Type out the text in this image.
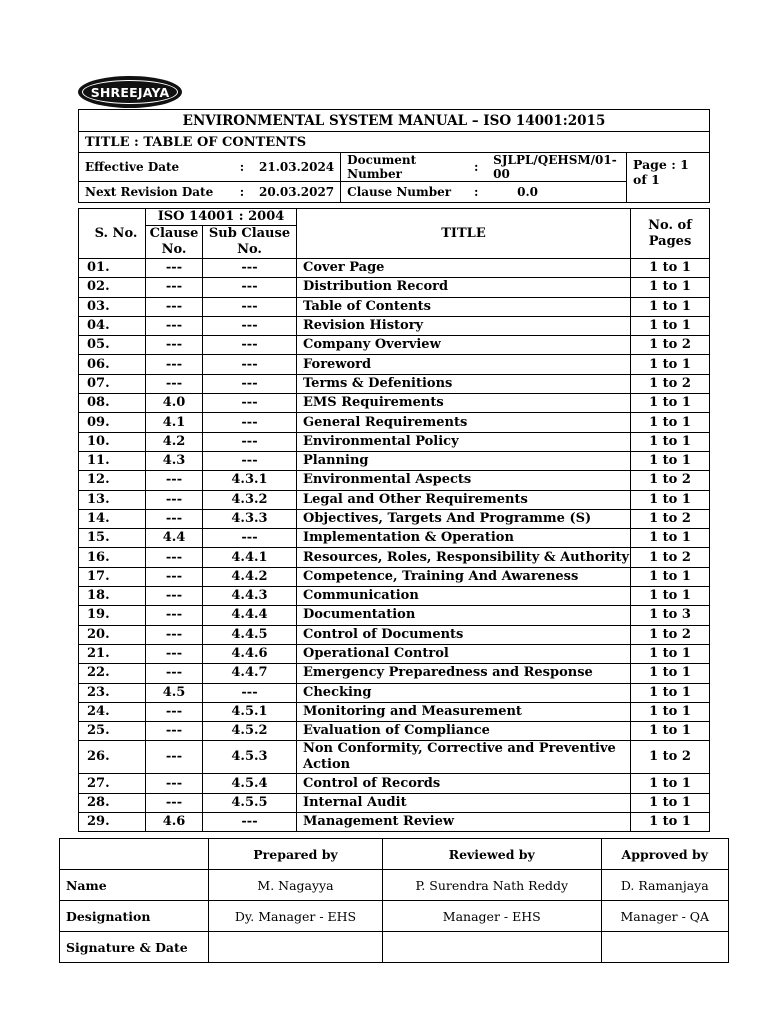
SHREEJAYA
ENVIRONMENTAL SYSTEM MANUAL – ISO 14001:2015						
TITLE : TABLE OF CONTENTS						
Effective Date	:	21.03.2024	Document Number	:	SJLPL/QEHSM/01-00	Page : 1 of 1
Next Revision Date	:	20.03.2027	Clause Number	:	0.0	
S. No.	ISO 14001 : 2004		TITLE	No. of Pages
	Clause No.	Sub Clause No.		
01.	---	---	Cover Page	1 to 1
02.	---	---	Distribution Record	1 to 1
03.	---	---	Table of Contents	1 to 1
04.	---	---	Revision History	1 to 1
05.	---	---	Company Overview	1 to 2
06.	---	---	Foreword	1 to 1
07.	---	---	Terms & Defenitions	1 to 2
08.	4.0	---	EMS Requirements	1 to 1
09.	4.1	---	General Requirements	1 to 1
10.	4.2	---	Environmental Policy	1 to 1
11.	4.3	---	Planning	1 to 1
12.	---	4.3.1	Environmental Aspects	1 to 2
13.	---	4.3.2	Legal and Other Requirements	1 to 1
14.	---	4.3.3	Objectives, Targets And Programme (S)	1 to 2
15.	4.4	---	Implementation & Operation	1 to 1
16.	---	4.4.1	Resources, Roles, Responsibility & Authority	1 to 2
17.	---	4.4.2	Competence, Training And Awareness	1 to 1
18.	---	4.4.3	Communication	1 to 1
19.	---	4.4.4	Documentation	1 to 3
20.	---	4.4.5	Control of Documents	1 to 2
21.	---	4.4.6	Operational Control	1 to 1
22.	---	4.4.7	Emergency Preparedness and Response	1 to 1
23.	4.5	---	Checking	1 to 1
24.	---	4.5.1	Monitoring and Measurement	1 to 1
25.	---	4.5.2	Evaluation of Compliance	1 to 1
26.	---	4.5.3	Non Conformity, Corrective and Preventive Action	1 to 2
27.	---	4.5.4	Control of Records	1 to 1
28.	---	4.5.5	Internal Audit	1 to 1
29.	4.6	---	Management Review	1 to 1
	Prepared by	Reviewed by	Approved by
Name	M. Nagayya	P. Surendra Nath Reddy	D. Ramanjaya
Designation	Dy. Manager - EHS	Manager - EHS	Manager - QA
Signature & Date			
